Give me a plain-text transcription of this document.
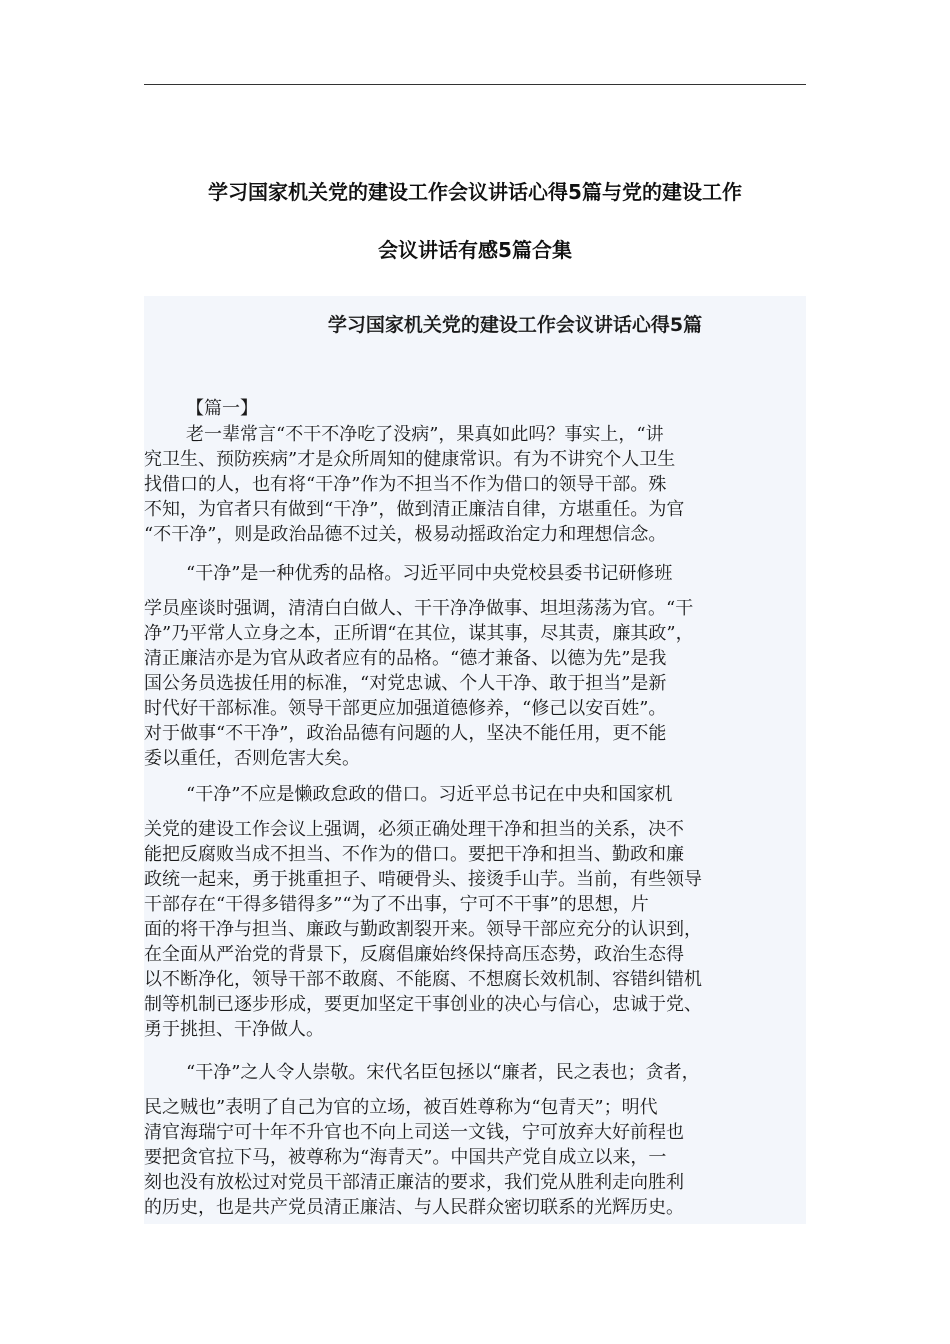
学习国家机关党的建设工作会议讲话心得5篇与党的建设工作
会议讲话有感5篇合集
学习国家机关党的建设工作会议讲话心得5篇
【篇一】
老一辈常言“不干不净吃了没病”，果真如此吗？事实上，“讲
究卫生、预防疾病”才是众所周知的健康常识。有为不讲究个人卫生
找借口的人，也有将“干净”作为不担当不作为借口的领导干部。殊
不知，为官者只有做到“干净”，做到清正廉洁自律，方堪重任。为官
“不干净”，则是政治品德不过关，极易动摇政治定力和理想信念。
“干净”是一种优秀的品格。习近平同中央党校县委书记研修班
学员座谈时强调，清清白白做人、干干净净做事、坦坦荡荡为官。“干
净”乃平常人立身之本，正所谓“在其位，谋其事，尽其责，廉其政”，
清正廉洁亦是为官从政者应有的品格。“德才兼备、以德为先”是我
国公务员选拔任用的标准，“对党忠诚、个人干净、敢于担当”是新
时代好干部标准。领导干部更应加强道德修养，“修己以安百姓”。
对于做事“不干净”，政治品德有问题的人，坚决不能任用，更不能
委以重任，否则危害大矣。
“干净”不应是懒政怠政的借口。习近平总书记在中央和国家机
关党的建设工作会议上强调，必须正确处理干净和担当的关系，决不
能把反腐败当成不担当、不作为的借口。要把干净和担当、勤政和廉
政统一起来，勇于挑重担子、啃硬骨头、接烫手山芋。当前，有些领导
干部存在“干得多错得多”“为了不出事，宁可不干事”的思想，片
面的将干净与担当、廉政与勤政割裂开来。领导干部应充分的认识到，
在全面从严治党的背景下，反腐倡廉始终保持高压态势，政治生态得
以不断净化，领导干部不敢腐、不能腐、不想腐长效机制、容错纠错机
制等机制已逐步形成，要更加坚定干事创业的决心与信心，忠诚于党、
勇于挑担、干净做人。
“干净”之人令人崇敬。宋代名臣包拯以“廉者，民之表也；贪者，
民之贼也”表明了自己为官的立场，被百姓尊称为“包青天”；明代
清官海瑞宁可十年不升官也不向上司送一文钱，宁可放弃大好前程也
要把贪官拉下马，被尊称为“海青天”。中国共产党自成立以来，一
刻也没有放松过对党员干部清正廉洁的要求，我们党从胜利走向胜利
的历史，也是共产党员清正廉洁、与人民群众密切联系的光辉历史。
